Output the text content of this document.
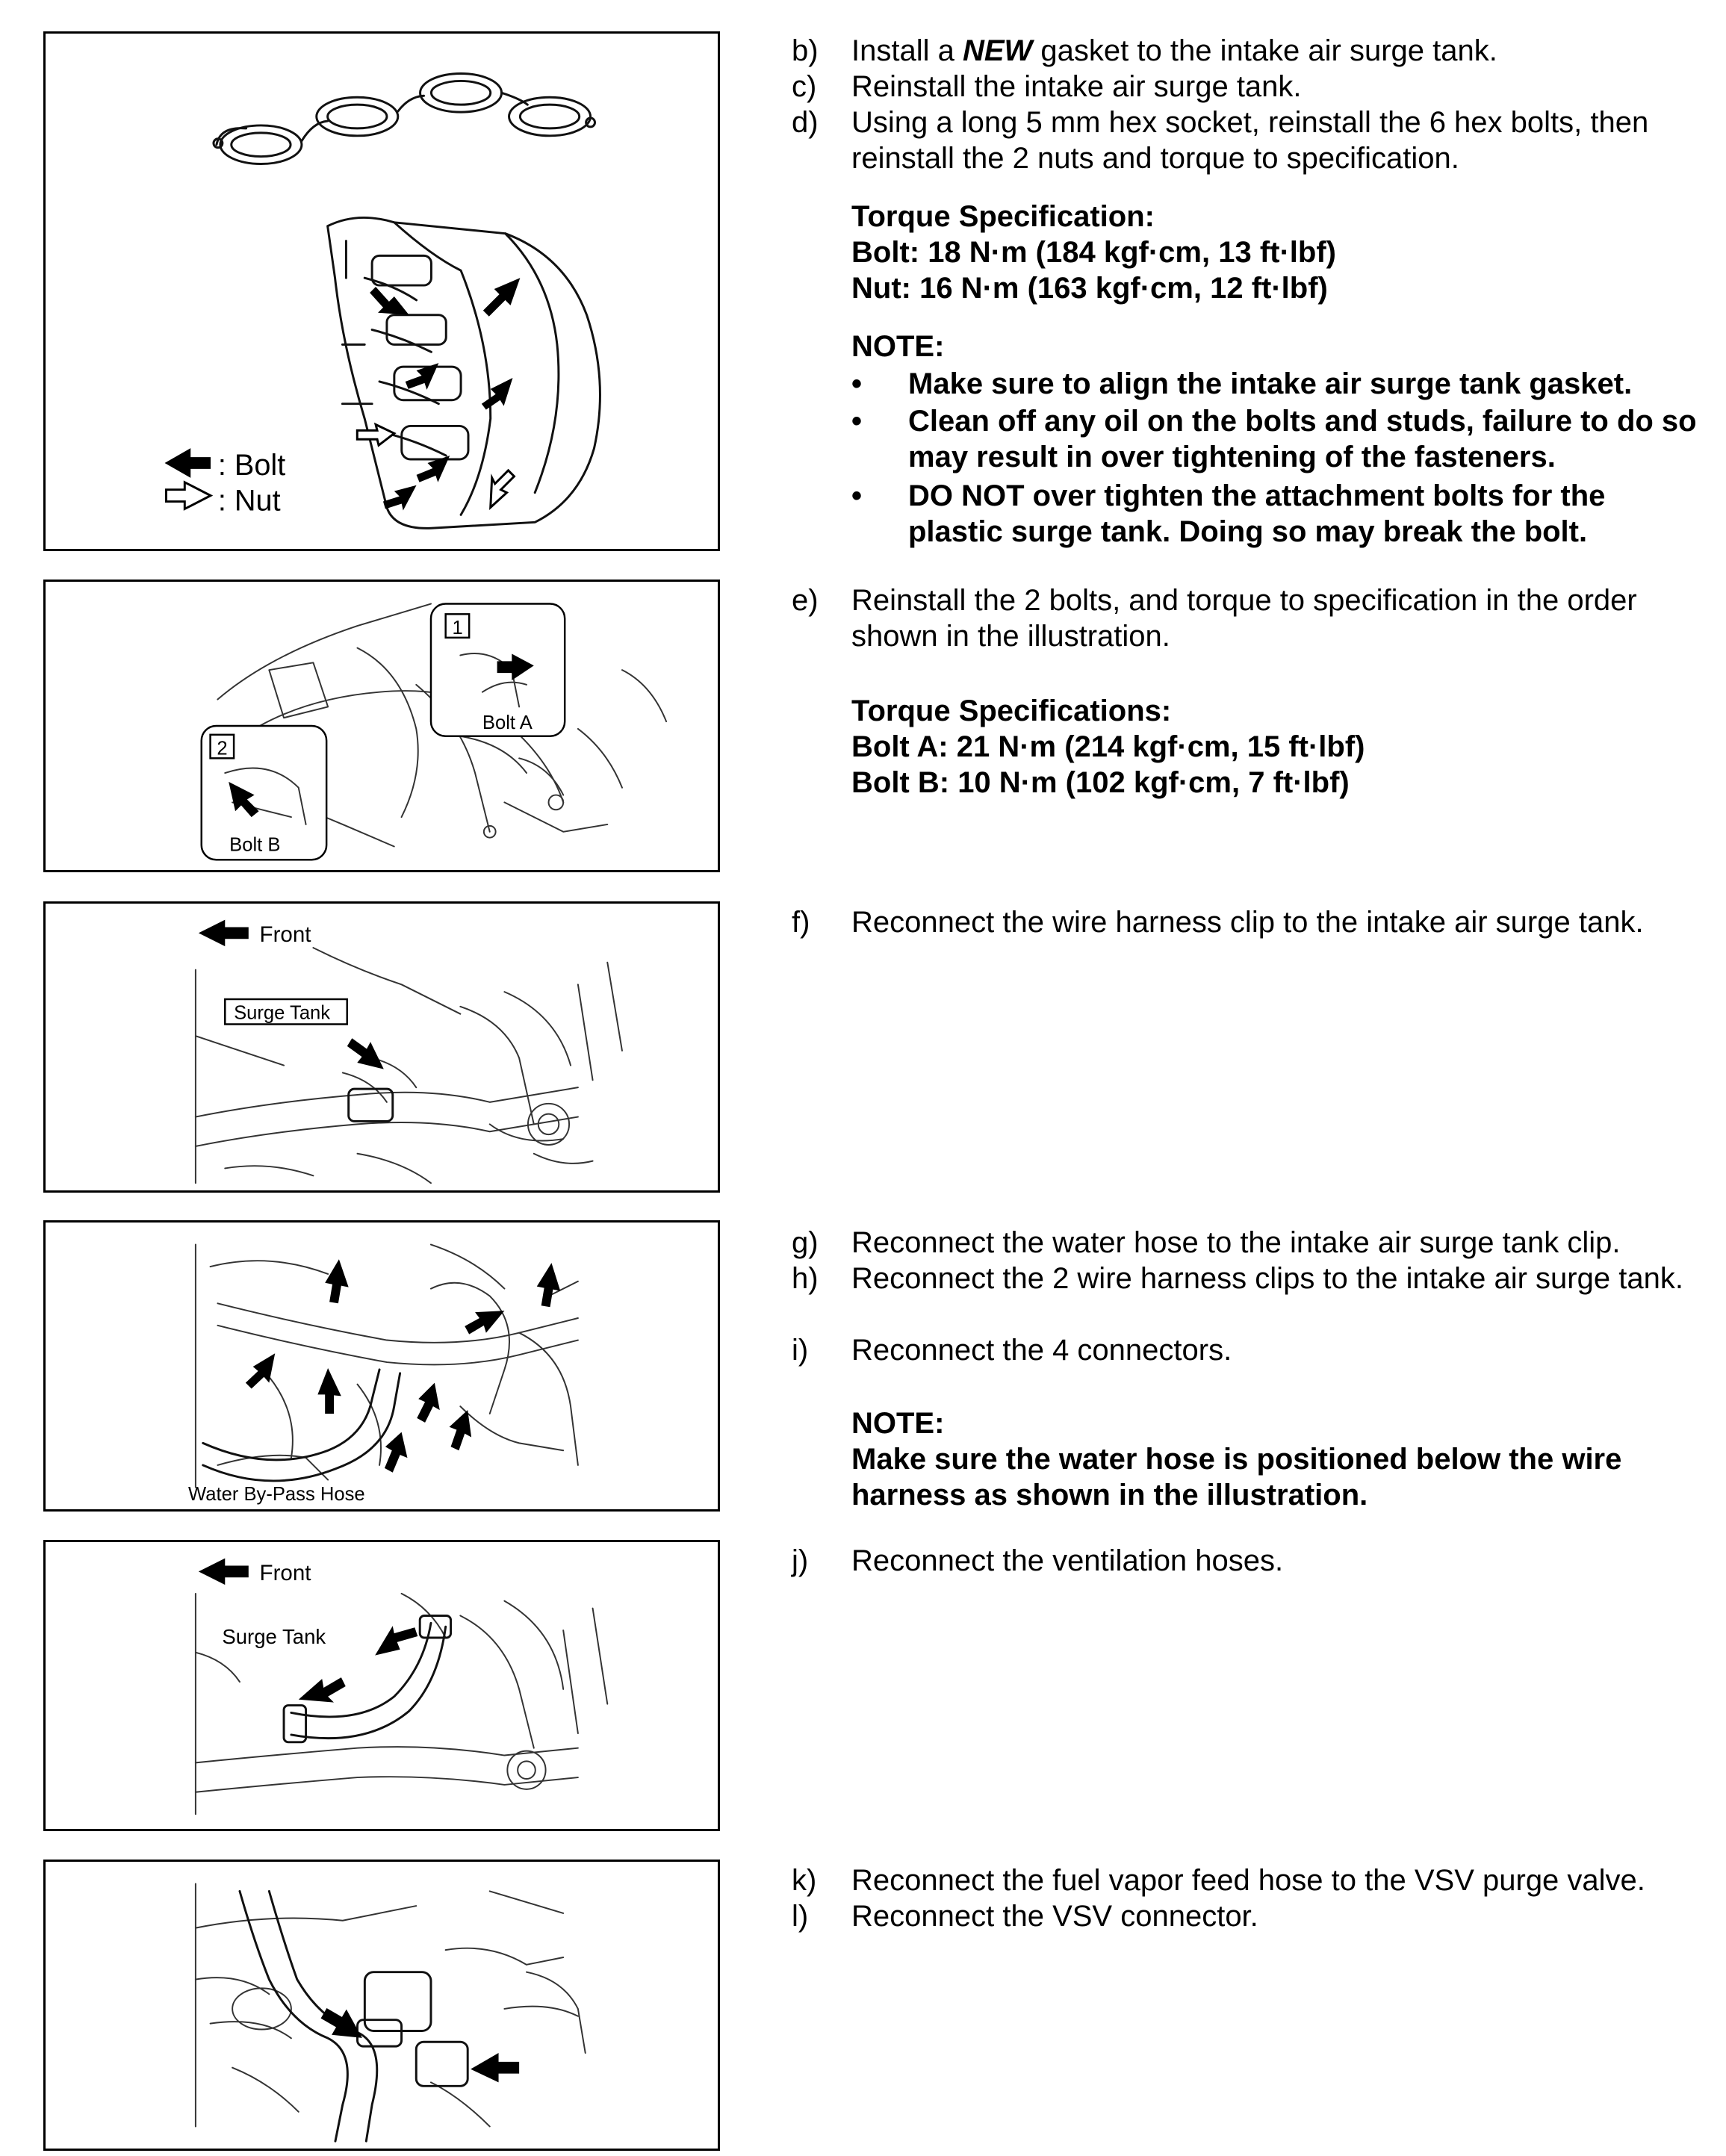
: Bolt
: Nut
1
Bolt A
2
Bolt B
Front
Surge Tank
Water By-Pass Hose
Front
Surge Tank
b) Install a NEW gasket to the intake air surge tank.
c) Reinstall the intake air surge tank.
d) Using a long 5 mm hex socket, reinstall the 6 hex bolts, then reinstall the 2 nuts and torque to specification.
Torque Specification:
Bolt: 18 N·m (184 kgf·cm, 13 ft·lbf)
Nut: 16 N·m (163 kgf·cm, 12 ft·lbf)
NOTE:
• Make sure to align the intake air surge tank gasket.
• Clean off any oil on the bolts and studs, failure to do so may result in over tightening of the fasteners.
• DO NOT over tighten the attachment bolts for the plastic surge tank. Doing so may break the bolt.
e) Reinstall the 2 bolts, and torque to specification in the order shown in the illustration.
Torque Specifications:
Bolt A: 21 N·m (214 kgf·cm, 15 ft·lbf)
Bolt B: 10 N·m (102 kgf·cm, 7 ft·lbf)
f) Reconnect the wire harness clip to the intake air surge tank.
g) Reconnect the water hose to the intake air surge tank clip.
h) Reconnect the 2 wire harness clips to the intake air surge tank.
i) Reconnect the 4 connectors.
NOTE:
Make sure the water hose is positioned below the wire harness as shown in the illustration.
j) Reconnect the ventilation hoses.
k) Reconnect the fuel vapor feed hose to the VSV purge valve.
l) Reconnect the VSV connector.
